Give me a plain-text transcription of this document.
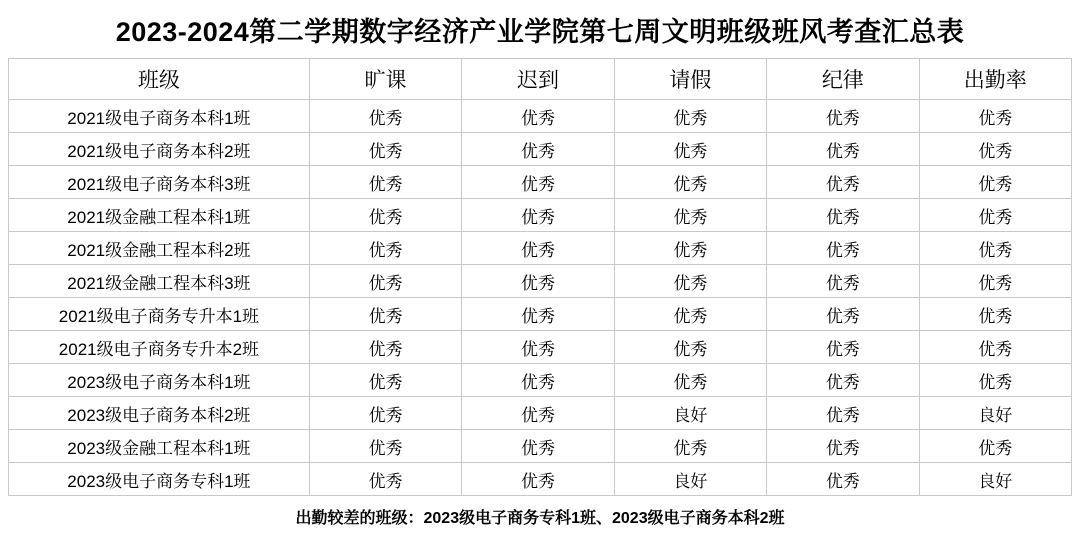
2023-2024第二学期数字经济产业学院第七周文明班级班风考查汇总表
班级	旷课	迟到	请假	纪律	出勤率
2021级电子商务本科1班	优秀	优秀	优秀	优秀	优秀
2021级电子商务本科2班	优秀	优秀	优秀	优秀	优秀
2021级电子商务本科3班	优秀	优秀	优秀	优秀	优秀
2021级金融工程本科1班	优秀	优秀	优秀	优秀	优秀
2021级金融工程本科2班	优秀	优秀	优秀	优秀	优秀
2021级金融工程本科3班	优秀	优秀	优秀	优秀	优秀
2021级电子商务专升本1班	优秀	优秀	优秀	优秀	优秀
2021级电子商务专升本2班	优秀	优秀	优秀	优秀	优秀
2023级电子商务本科1班	优秀	优秀	优秀	优秀	优秀
2023级电子商务本科2班	优秀	优秀	良好	优秀	良好
2023级金融工程本科1班	优秀	优秀	优秀	优秀	优秀
2023级电子商务专科1班	优秀	优秀	良好	优秀	良好
出勤较差的班级：2023级电子商务专科1班、2023级电子商务本科2班
